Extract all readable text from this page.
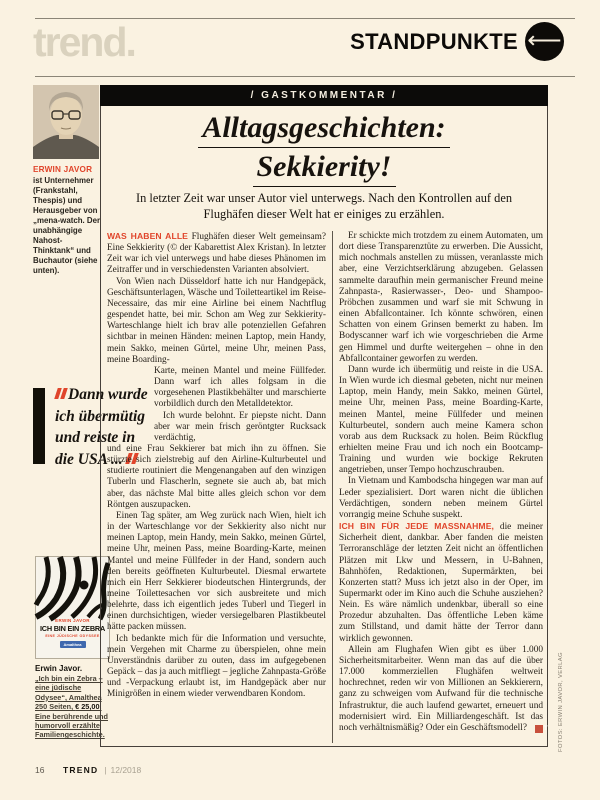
trend.	STANDPUNKTE ⟵
ERWIN JAVOR
ist Unternehmer (Frankstahl, Thespis) und Herausgeber von „mena-watch. Der unabhängige Nahost-Thinktank“ und Buchautor (siehe unten).
Dann wurde ich übermütig und reiste in die USA ...
ERWIN JAVOR
ICH BIN EIN ZEBRA
EINE JÜDISCHE ODYSSEE
Amalthea
Erwin Javor.
„Ich bin ein Zebra – eine jüdische Odysee“, Amalthea 250 Seiten, € 25,00. Eine berührende und humorvoll erzählte Familiengeschichte.
/ GASTKOMMENTAR /
Alltagsgeschichten:
Sekkierity!
In letzter Zeit war unser Autor viel unterwegs. Nach den Kontrollen auf den Flughäfen dieser Welt hat er einiges zu erzählen.

WAS HABEN ALLE Flughäfen dieser Welt gemeinsam? Eine Sekkierity (© der Kabarettist Alex Kristan). In letzter Zeit war ich viel unterwegs und habe dieses Phänomen im Zeitraffer und in verschiedensten Varianten absolviert.

Von Wien nach Düsseldorf hatte ich nur Handgepäck, Geschäftsunterlagen, Wäsche und Toiletteartikel im Reise-Necessaire, das mir eine Airline bei einem Nachtflug gespendet hatte, bei mir. Schon am Weg zur Sekkierity-Warteschlange hielt ich brav alle potenziellen Gefahren sichtbar in meinen Händen: meinen Laptop, mein Handy, mein Sakko, meinen Gürtel, meine Uhr, meinen Pass, meine Boarding-

Karte, meinen Mantel und meine Füllfeder. Dann warf ich alles folgsam in die vorgesehenen Plastikbehälter und marschierte vorbildlich durch den Metalldetektor.

Ich wurde belohnt. Er piepste nicht. Dann aber war mein frisch geröntgter Rucksack verdächtig,

und eine Frau Sekkierer bat mich ihn zu öffnen. Sie stürzte sich zielstrebig auf den Airline-Kulturbeutel und studierte routiniert die Mengenangaben auf den winzigen Tuberln und Flascherln, segnete sie auch ab, bat mich aber, das nächste Mal bitte alles gleich schon vor dem Röntgen auszupacken.

Einen Tag später, am Weg zurück nach Wien, hielt ich in der Warteschlange vor der Sekkierity also nicht nur meinen Laptop, mein Handy, mein Sakko, meinen Gürtel, meine Uhr, meinen Pass, meine Boarding-Karte, meinen Mantel und meine Füllfeder in der Hand, sondern auch den bereits geöffneten Kulturbeutel. Diesmal erwartete mich ein Herr Sekkierer biodeutschen Hintergrunds, der meine Toilettesachen vor sich ausbreitete und mich belehrte, dass ich eigentlich jedes Tuberl und Tiegerl in einen durchsichtigen, wieder versiegelbaren Plastikbeutel hätte packen müssen.

Ich bedankte mich für die Information und versuchte, mein Vergehen mit Charme zu überspielen, ohne mein Unverständnis darüber zu outen, dass im aufgegebenen Gepäck – das ja auch mitfliegt – jegliche Zahnpasta-Größe und -Verpackung erlaubt ist, im Handgepäck aber nur Minigrößen in einem wieder verwendbaren Kondom.

Er schickte mich trotzdem zu einem Automaten, um dort diese Transparenztüte zu erwerben. Die Aussicht, mich nochmals anstellen zu müssen, veranlasste mich aber, eine Verzichtserklärung abzugeben. Gelassen sammelte daraufhin mein germanischer Freund meine Zahnpasta-, Rasierwasser-, Deo- und Shampoo-Pröbchen zusammen und warf sie mit Schwung in einen Abfallcontainer. Ich könnte schwören, einen Schatten von einem Grinsen bemerkt zu haben. Im Bodyscanner warf ich wie vorgeschrieben die Arme gen Himmel und durfte weitergehen – ohne in den Abfallcontainer geworfen zu werden.

Dann wurde ich übermütig und reiste in die USA. In Wien wurde ich diesmal gebeten, nicht nur meinen Laptop, mein Handy, mein Sakko, meinen Gürtel, meine Uhr, meinen Pass, meine Boarding-Karte, meinen Mantel, meine Füllfeder und meinen Kulturbeutel, sondern auch meine Kamera schon vorab aus dem Rucksack zu holen. Beim Rückflug erhielten meine Frau und ich noch ein Bootcamp-Training und wurden wie bockige Rekruten angetrieben, unser Tempo hochzuschrauben.

In Vietnam und Kambodscha hingegen war man auf Leder spezialisiert. Dort waren nicht die üblichen Verdächtigen, sondern neben meinem Gürtel vorrangig meine Schuhe suspekt.

ICH BIN FÜR JEDE MASSNAHME, die meiner Sicherheit dient, dankbar. Aber fanden die meisten Terroranschläge der letzten Zeit nicht an öffentlichen Plätzen mit Lkw und Messern, in U-Bahnen, Bahnhöfen, Redaktionen, Supermärkten, bei Konzerten statt? Muss ich jetzt also in der Oper, im Supermarkt oder im Kino auch die Schuhe ausziehen? Nein. Es wäre nämlich undenkbar, überall so eine Prozedur abzuhalten. Das öffentliche Leben käme zum Stillstand, und damit hätte der Terror dann wirklich gewonnen.

Allein am Flughafen Wien gibt es über 1.000 Sicherheitsmitarbeiter. Wenn man das auf die über 17.000 kommerziellen Flughäfen weltweit hochrechnet, reden wir von Millionen an Sekkierern, ganz zu schweigen vom Aufwand für die technische Infrastruktur, die auch laufend gewartet, erneuert und modernisiert wird. Ein Milliardengeschäft. Ist das noch verhältnismäßig? Oder ein Geschäftsmodell?	T

16	TREND | 12/2018
FOTOS: ERWIN JAVOR, VERLAG
